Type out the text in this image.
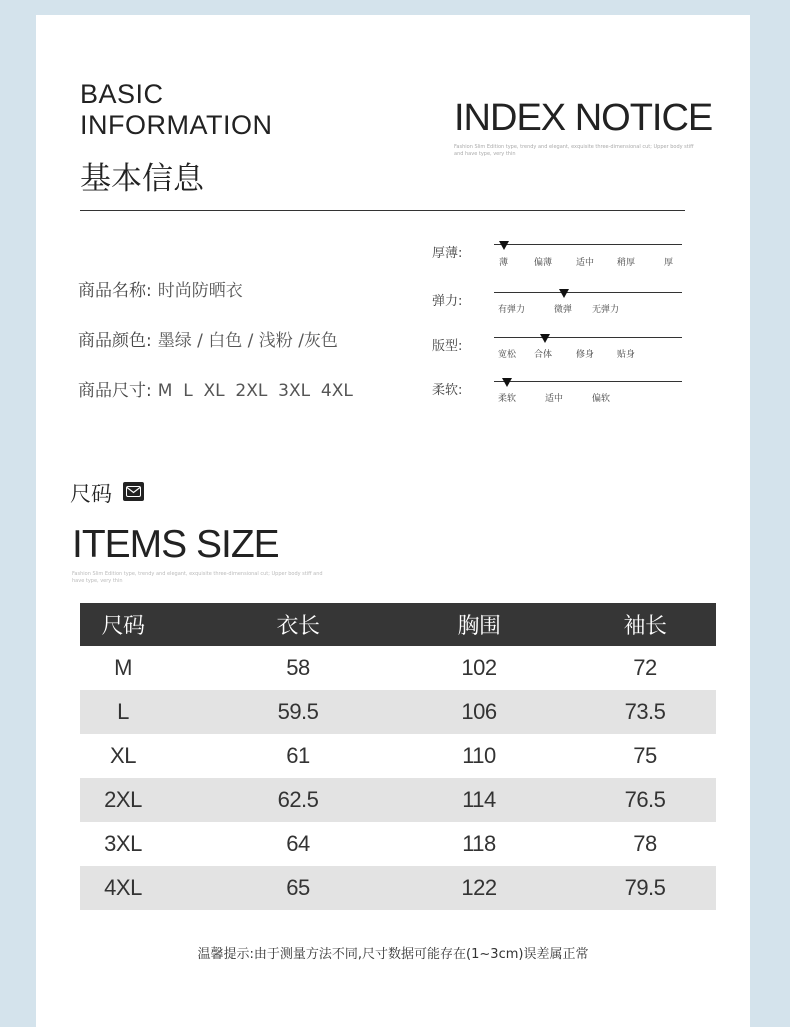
BASIC
INFORMATION
基本信息
INDEX NOTICE
Fashion Slim Edition type, trendy and elegant, exquisite three-dimensional cut; Upper body stiff and have type, very thin
商品名称: 时尚防晒衣
商品颜色: 墨绿 / 白色 / 浅粉 /灰色
商品尺寸: M  L  XL  2XL  3XL  4XL
厚薄:
薄	偏薄	适中	稍厚	厚
弹力:
有弹力	微弹 无弹力
版型:
宽松 合体	修身	贴身
柔软:
柔软	适中	偏软
尺码
ITEMS SIZE
Fashion Slim Edition type, trendy and elegant, exquisite three-dimensional cut; Upper body stiff and have type, very thin
尺码	衣长	胸围	袖长
M	58	102	72
L	59.5	106	73.5
XL	61	110	75
2XL	62.5	114	76.5
3XL	64	118	78
4XL	65	122	79.5
温馨提示:由于测量方法不同,尺寸数据可能存在(1~3cm)误差属正常
